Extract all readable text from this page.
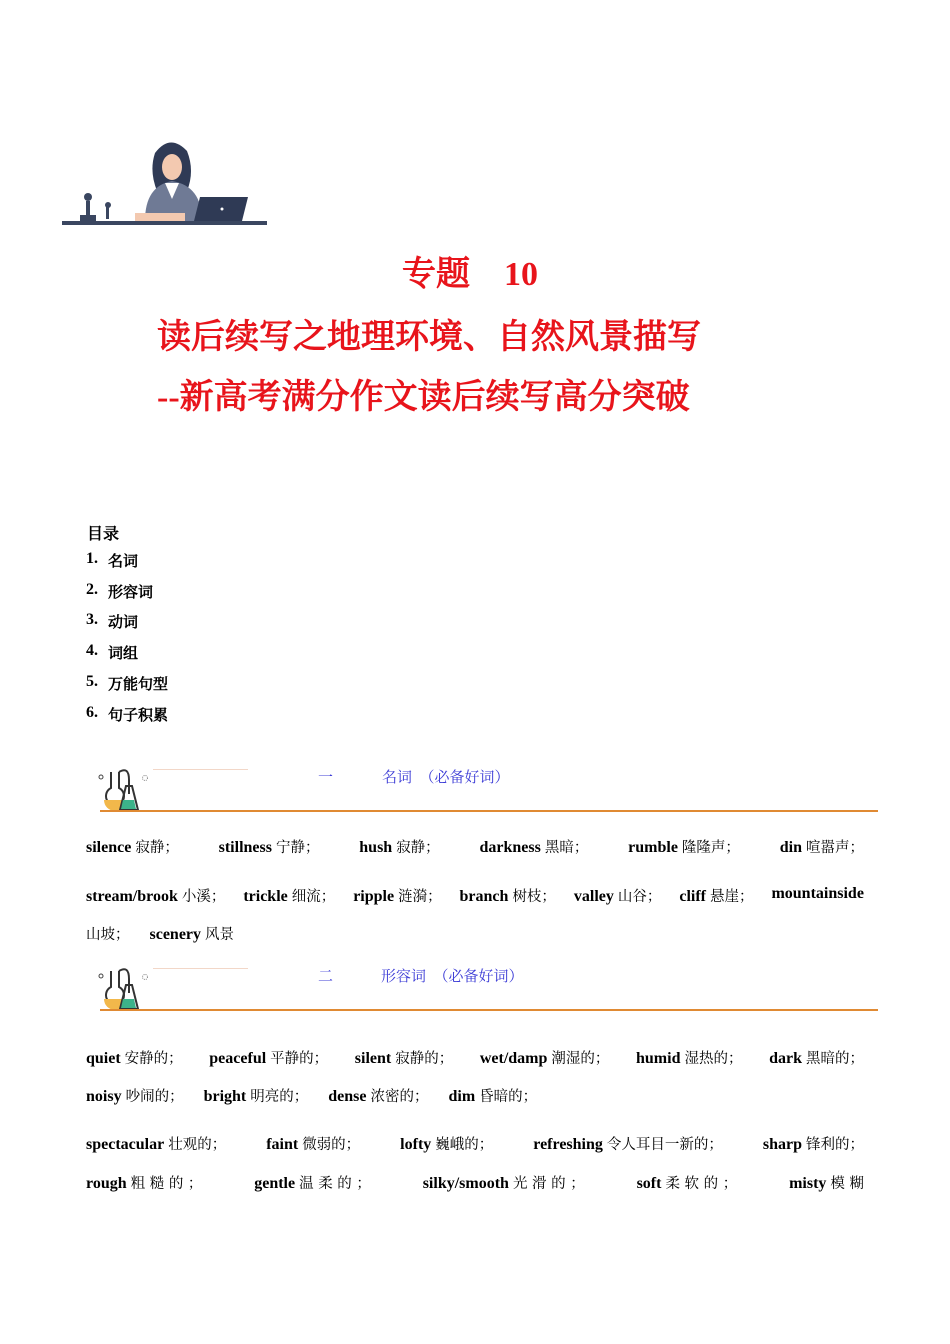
专题　10
读后续写之地理环境、自然风景描写
--新高考满分作文读后续写高分突破
目录
1. 名词
2. 形容词
3. 动词
4. 词组
5. 万能句型
6. 句子积累
一	名词　（必备好词）
silence 寂静； stillness 宁静； hush 寂静； darkness 黑暗； rumble 隆隆声； din 喧嚣声；
stream/brook 小溪； trickle 细流； ripple 涟漪； branch 树枝； valley 山谷； cliff 悬崖； mountainside
山坡； scenery 风景
二	形容词　（必备好词）
quiet 安静的； peaceful 平静的； silent 寂静的； wet/damp 潮湿的； humid 湿热的； dark 黑暗的；
noisy 吵闹的； bright 明亮的； dense 浓密的； dim 昏暗的；
spectacular 壮观的； faint 微弱的； lofty 巍峨的； refreshing 令人耳目一新的； sharp 锋利的；
rough 粗 糙 的 ；	gentle 温 柔 的 ；	silky/smooth 光 滑 的 ；	soft 柔 软 的 ；	misty 模 糊
